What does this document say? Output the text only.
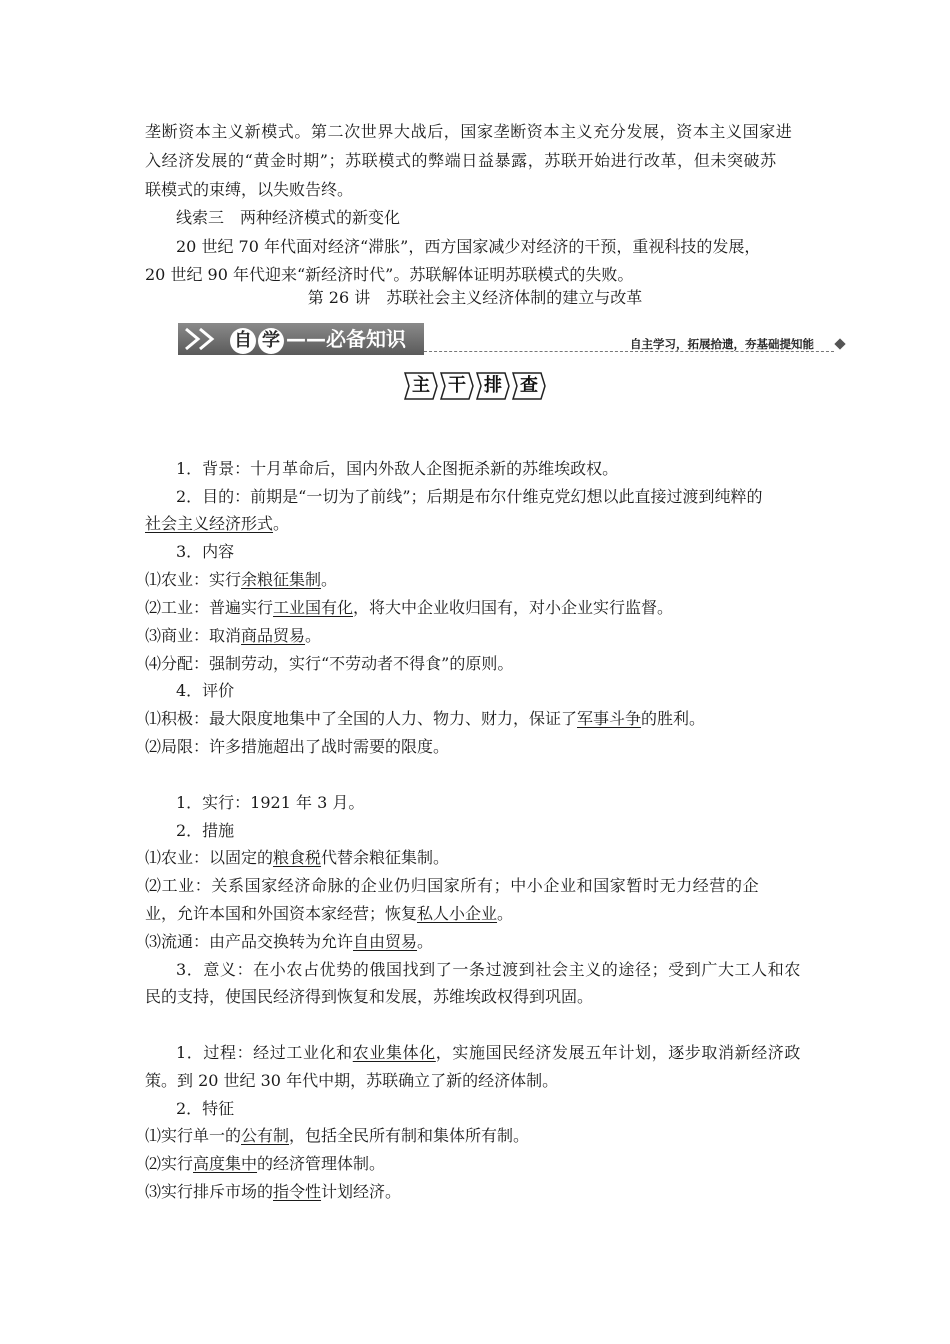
垄断资本主义新模式。第二次世界大战后，国家垄断资本主义充分发展，资本主义国家进
入经济发展的“黄金时期”；苏联模式的弊端日益暴露，苏联开始进行改革，但未突破苏
联模式的束缚，以失败告终。
线索三　两种经济模式的新变化
20 世纪 70 年代面对经济“滞胀”，西方国家减少对经济的干预，重视科技的发展，
20 世纪 90 年代迎来“新经济时代”。苏联解体证明苏联模式的失败。
第 26 讲　苏联社会主义经济体制的建立与改革
自 学 ——必备知识	自主学习，拓展拾遗，夯基础提知能
主	干	排	查
1．背景：十月革命后，国内外敌人企图扼杀新的苏维埃政权。
2．目的：前期是“一切为了前线”；后期是布尔什维克党幻想以此直接过渡到纯粹的
社会主义经济形式。
3．内容
⑴农业：实行余粮征集制。
⑵工业：普遍实行工业国有化，将大中企业收归国有，对小企业实行监督。
⑶商业：取消商品贸易。
⑷分配：强制劳动，实行“不劳动者不得食”的原则。
4．评价
⑴积极：最大限度地集中了全国的人力、物力、财力，保证了军事斗争的胜利。
⑵局限：许多措施超出了战时需要的限度。
1．实行：1921 年 3 月。
2．措施
⑴农业：以固定的粮食税代替余粮征集制。
⑵工业：关系国家经济命脉的企业仍归国家所有；中小企业和国家暂时无力经营的企
业，允许本国和外国资本家经营；恢复私人小企业。
⑶流通：由产品交换转为允许自由贸易。
3．意义：在小农占优势的俄国找到了一条过渡到社会主义的途径；受到广大工人和农
民的支持，使国民经济得到恢复和发展，苏维埃政权得到巩固。
1．过程：经过工业化和农业集体化，实施国民经济发展五年计划，逐步取消新经济政
策。到 20 世纪 30 年代中期，苏联确立了新的经济体制。
2．特征
⑴实行单一的公有制，包括全民所有制和集体所有制。
⑵实行高度集中的经济管理体制。
⑶实行排斥市场的指令性计划经济。
